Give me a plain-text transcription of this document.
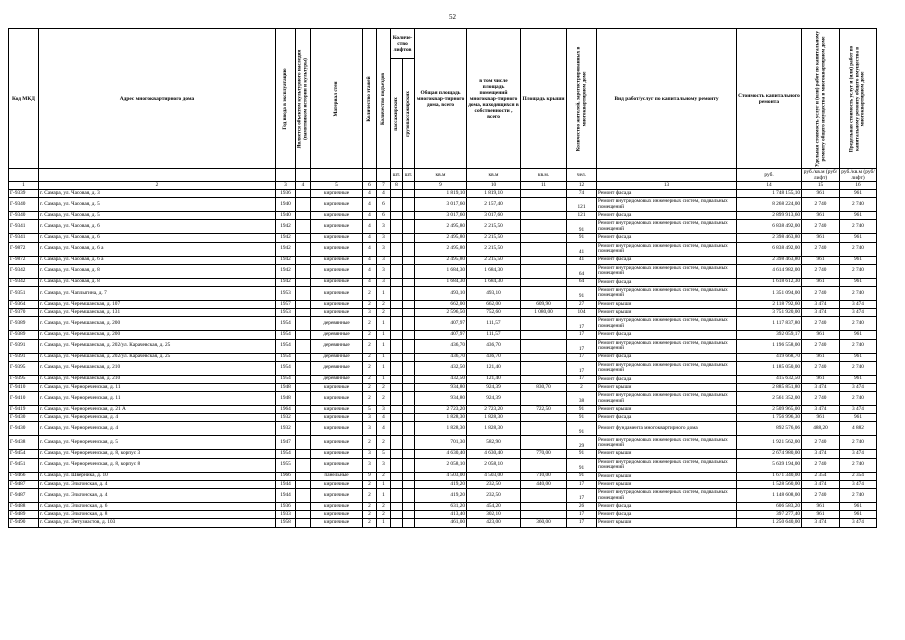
52
Код МКД	Адрес многоквартирного дома	Год ввода в эксплуатацию	Является объектом культурного наследия (памятником истории и культуры)	Материал стен	Количество этажей	Количество подъездов	Количе-ство лифтов		Общая площадь многоквар-тирного дома, всего	в том числе площадь помещений многоквар-тирного дома, находящихся в собственности , всего	Площадь крыши	Количество жителей, зарегистрированных в многоквартирном доме	Вид работ/услуг по капитальному ремонту	Стоимость капитального ремонта	Удельная стоимость услуг и (или) работ по капитальному ремонту общего имущества в многоквартирном доме	Предельная стоимость услуг и (или) работ по капитальному ремонту общего имущества в многоквартирном доме

							пассажирских	грузопассажирских								

							шт.	шт.	кв.м	кв.м	кв.м.	чел.		руб.	руб./кв.м (руб/лифт)	руб./кв.м (руб/лифт)
1	2	3	4	5	6	7	8		9	10	11	12	13	14	15	16
Г-9339	г. Самара, ул. Часовая, д. 3	1936		кирпичные	4	4			1 819,10	1 819,10		74	Ремонт фасада	1 748 155,10	961	961
Г-9340	г. Самара, ул. Часовая, д. 5	1940		кирпичные	4	6			3 017,60	2 157,40		121	Ремонт внутридомовых инженерных систем, подвальных помещений	8 268 224,00	2 740	2 740
Г-9340	г. Самара, ул. Часовая, д. 5	1940		кирпичные	4	6			3 017,60	3 017,60		121	Ремонт фасада	2 899 913,60	961	961
Г-9341	г. Самара, ул. Часовая, д. 6	1942		кирпичные	4	3			2 495,80	2 215,50		91	Ремонт внутридомовых инженерных систем, подвальных помещений	6 838 492,00	2 740	2 740
Г-9341	г. Самара, ул. Часовая, д. 6	1942		кирпичные	4	3			2 495,80	2 215,50		91	Ремонт фасада	2 398 463,80	961	961
Г-9872	г. Самара, ул. Часовая, д. 6 а	1942		кирпичные	4	3			2 495,80	2 215,50		41	Ремонт внутридомовых инженерных систем, подвальных помещений	6 838 492,00	2 740	2 740
Г-9872	г. Самара, ул. Часовая, д. 6 а	1942		кирпичные	4	3			2 495,80	2 215,50		41	Ремонт фасада	2 398 463,80	961	961
Г-9342	г. Самара, ул. Часовая, д. 8	1942		кирпичные	4	3			1 684,30	1 684,30		64	Ремонт внутридомовых инженерных систем, подвальных помещений	4 614 982,00	2 740	2 740
Г-9342	г. Самара, ул. Часовая, д. 8	1942		кирпичные	4	3			1 684,30	1 684,30		64	Ремонт фасада	1 618 612,30	961	961
Г-9351	г. Самара, ул. Чаплыгина, д. 7	1953		кирпичные	2	1			493,10	493,10		91	Ремонт внутридомовых инженерных систем, подвальных помещений	1 351 094,00	2 740	2 740
Г-9364	г. Самара, ул. Черемшанская, д. 107	1957		кирпичные	2	2			662,00	662,00	609,90	27	Ремонт крыши	2 118 792,60	3 474	3 474
Г-9370	г. Самара, ул. Черемшанская, д. 131	1953		кирпичные	3	2			2 596,50	752,60	1 080,00	104	Ремонт крыши	3 751 920,00	3 474	3 474
Г-9389	г. Самара, ул. Черемшанская, д. 200	1954		деревянные	2	1			407,97	111,57		17	Ремонт внутридомовых инженерных систем, подвальных помещений	1 117 837,80	2 740	2 740
Г-9389	г. Самара, ул. Черемшанская, д. 200	1954		деревянные	2	1			407,97	111,57		17	Ремонт фасада	392 059,17	961	961
Г-9391	г. Самара, ул. Черемшанская, д. 202/ул. Карачевская, д. 25	1954		деревянные	2	1			436,70	436,70		17	Ремонт внутридомовых инженерных систем, подвальных помещений	1 196 558,00	2 740	2 740
Г-9391	г. Самара, ул. Черемшанская, д. 202/ул. Карачевская, д. 25	1954		деревянные	2	1			436,70	436,70		17	Ремонт фасада	419 668,70	961	961
Г-9395	г. Самара, ул. Черемшанская, д. 210	1954		деревянные	2	1			432,50	121,40		17	Ремонт внутридомовых инженерных систем, подвальных помещений	1 185 050,00	2 740	2 740
Г-9395	г. Самара, ул. Черемшанская, д. 210	1954		деревянные	2	1			432,50	121,40		17	Ремонт фасада	415 632,50	961	961
Г-9410	г. Самара, ул. Чернореченская, д. 11	1948		кирпичные	2	2			934,80	924,39	830,70	2	Ремонт крыши	2 885 851,80	3 474	3 474
Г-9410	г. Самара, ул. Чернореченская, д. 11	1948		кирпичные	2	2			934,80	924,39		38	Ремонт внутридомовых инженерных систем, подвальных помещений	2 561 352,00	2 740	2 740
Г-9419	г. Самара, ул. Чернореченская, д. 21 А	1964		кирпичные	5	3			2 723,20	2 723,20	722,50	91	Ремонт крыши	2 509 965,00	3 474	3 474
Г-9430	г. Самара, ул. Чернореченская, д. 4	1932		кирпичные	3	4			1 828,30	1 828,30		91	Ремонт фасада	1 756 996,30	961	961
Г-9430	г. Самара, ул. Чернореченская, д. 4	1932		кирпичные	3	4			1 828,30	1 828,30		91	Ремонт фундамента многоквартирного дома	892 576,06	488,20	4 882
Г-9438	г. Самара, ул. Чернореченская, д. 5	1947		кирпичные	2	2			701,30	582,90		29	Ремонт внутридомовых инженерных систем, подвальных помещений	1 921 562,00	2 740	2 740
Г-9454	г. Самара, ул. Чернореченская, д. 8, корпус 3	1954		кирпичные	3	5			4 630,40	4 630,40	770,00	91	Ремонт крыши	2 674 980,00	3 474	3 474
Г-9451	г. Самара, ул. Чернореченская, д. 8, корпус 8	1955		кирпичные	3	3			2 058,10	2 058,10		91	Ремонт внутридомовых инженерных систем, подвальных помещений	5 639 194,00	2 740	2 740
Г-9466	г. Самара, ул. Шверника, д. 10	1966		панельные	9	2			4 503,00	4 503,00	710,00	91	Ремонт крыши	1 671 340,00	2 354	2 354
Г-9487	г. Самара, ул. Эльтонская, д. 4	1944		кирпичные	2	1			419,20	232,50	440,00	17	Ремонт крыши	1 528 560,00	3 474	3 474
Г-9487	г. Самара, ул. Эльтонская, д. 4	1944		кирпичные	2	1			419,20	232,50		17	Ремонт внутридомовых инженерных систем, подвальных помещений	1 148 608,00	2 740	2 740
Г-9488	г. Самара, ул. Эльтонская, д. 6	1936		кирпичные	2	2			631,20	454,20		26	Ремонт фасада	606 583,20	961	961
Г-9489	г. Самара, ул. Эльтонская, д. 8	1933		кирпичные	2	2			413,40	302,10		17	Ремонт фасада	397 277,40	961	961
Г-9490	г. Самара, ул. Энтузиастов, д. 103	1958		кирпичные	2	1			461,00	423,00	360,00	17	Ремонт крыши	1 250 640,00	3 474	3 474
